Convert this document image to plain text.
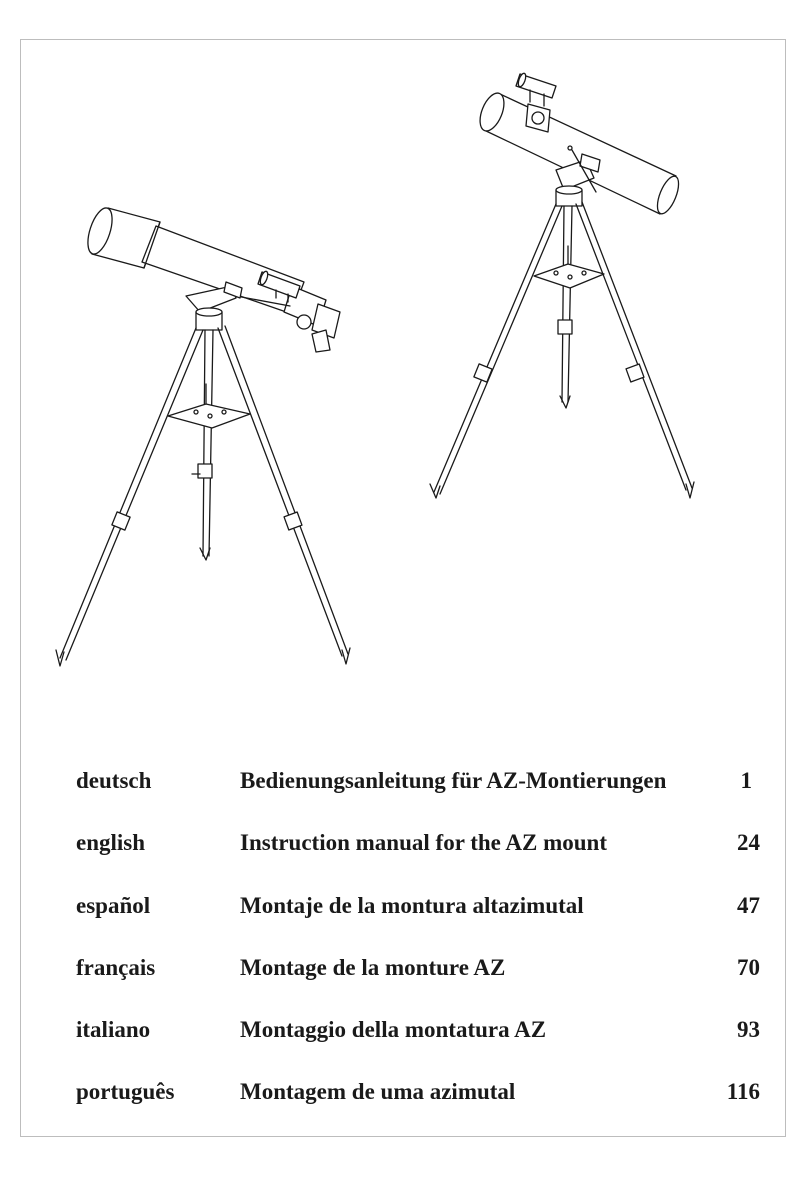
deutsch	Bedienungsanleitung für AZ-Montierungen	1
english	Instruction manual for the AZ mount	24
español	Montaje de la montura altazimutal	47
français	Montage de la monture AZ	70
italiano	Montaggio della montatura AZ	93
português	Montagem de uma azimutal	116
